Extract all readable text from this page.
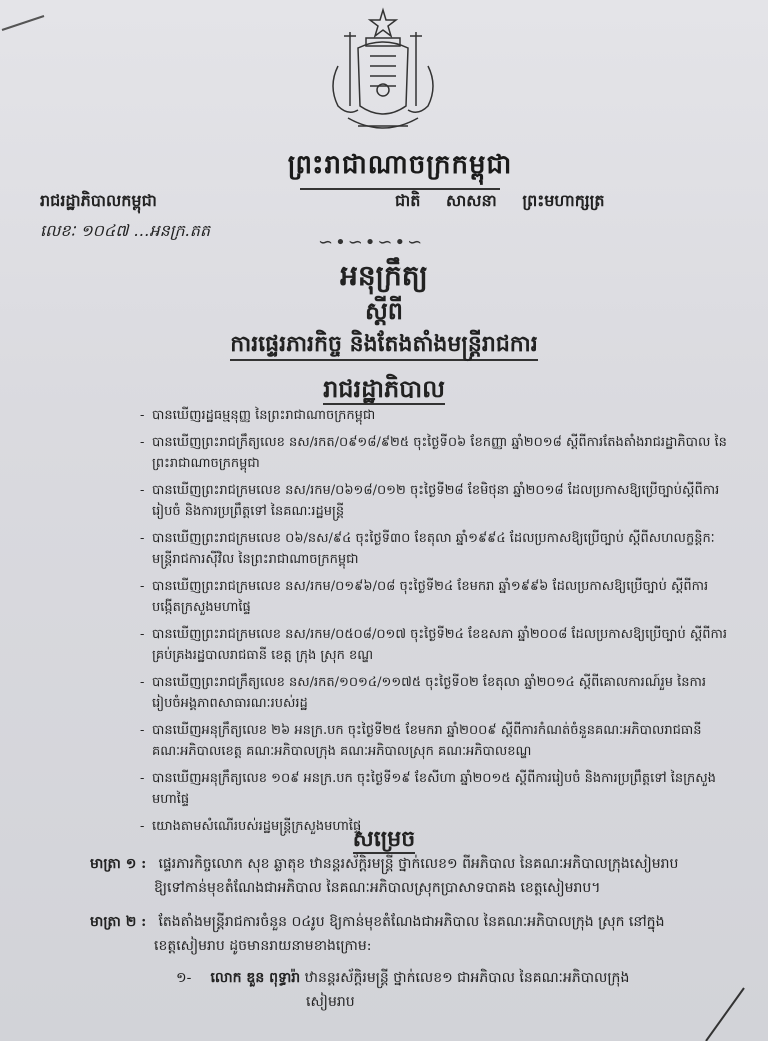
ព្រះរាជាណាចក្រកម្ពុជា
រាជរដ្ឋាភិបាលកម្ពុជា	ជាតិ សាសនា ព្រះមហាក្សត្រ
លេខៈ ១០៤៧ …អនក្រ.តត
∽•∽•∽•∽
អនុក្រឹត្យ
ស្តីពី
ការផ្ទេរភារកិច្ច និងតែងតាំងមន្ត្រីរាជការ
រាជរដ្ឋាភិបាល
- បានឃើញរដ្ឋធម្មនុញ្ញ នៃព្រះរាជាណាចក្រកម្ពុជា
- បានឃើញព្រះរាជក្រឹត្យលេខ នស/រកត/០៩១៨/៩២៥ ចុះថ្ងៃទី០៦ ខែកញ្ញា ឆ្នាំ២០១៨ ស្តីពីការតែងតាំងរាជរដ្ឋាភិបាល នៃព្រះរាជាណាចក្រកម្ពុជា
- បានឃើញព្រះរាជក្រមលេខ នស/រកម/០៦១៨/០១២ ចុះថ្ងៃទី២៨ ខែមិថុនា ឆ្នាំ២០១៨ ដែលប្រកាសឱ្យប្រើច្បាប់ស្តីពីការរៀបចំ និងការប្រព្រឹត្តទៅ នៃគណៈរដ្ឋមន្ត្រី
- បានឃើញព្រះរាជក្រមលេខ ០៦/នស/៩៤ ចុះថ្ងៃទី៣០ ខែតុលា ឆ្នាំ១៩៩៤ ដែលប្រកាសឱ្យប្រើច្បាប់ ស្តីពីសហលក្ខន្តិកៈមន្ត្រីរាជការស៊ីវិល នៃព្រះរាជាណាចក្រកម្ពុជា
- បានឃើញព្រះរាជក្រមលេខ នស/រកម/០១៩៦/០៨ ចុះថ្ងៃទី២៤ ខែមករា ឆ្នាំ១៩៩៦ ដែលប្រកាសឱ្យប្រើច្បាប់ ស្តីពីការបង្កើតក្រសួងមហាផ្ទៃ
- បានឃើញព្រះរាជក្រមលេខ នស/រកម/០៥០៨/០១៧ ចុះថ្ងៃទី២៤ ខែឧសភា ឆ្នាំ២០០៨ ដែលប្រកាសឱ្យប្រើច្បាប់ ស្តីពីការគ្រប់គ្រងរដ្ឋបាលរាជធានី ខេត្ត ក្រុង ស្រុក ខណ្ឌ
- បានឃើញព្រះរាជក្រឹត្យលេខ នស/រកត/១០១៤/១១៧៥ ចុះថ្ងៃទី០២ ខែតុលា ឆ្នាំ២០១៤ ស្តីពីគោលការណ៍រួម នៃការរៀបចំអង្គភាពសាធារណៈរបស់រដ្ឋ
- បានឃើញអនុក្រឹត្យលេខ ២៦ អនក្រ.បក ចុះថ្ងៃទី២៥ ខែមករា ឆ្នាំ២០០៩ ស្តីពីការកំណត់ចំនួនគណៈអភិបាលរាជធានី គណៈអភិបាលខេត្ត គណៈអភិបាលក្រុង គណៈអភិបាលស្រុក គណៈអភិបាលខណ្ឌ
- បានឃើញអនុក្រឹត្យលេខ ១០៩ អនក្រ.បក ចុះថ្ងៃទី១៩ ខែសីហា ឆ្នាំ២០១៥ ស្តីពីការរៀបចំ និងការប្រព្រឹត្តទៅ នៃក្រសួងមហាផ្ទៃ
- យោងតាមសំណើរបស់រដ្ឋមន្ត្រីក្រសួងមហាផ្ទៃ
សម្រេច
មាត្រា ១ : ផ្ទេរភារកិច្ចលោក សុខ ឆ្លាតុខ ឋានន្តរស័ក្តិរមន្ត្រី ថ្នាក់លេខ១ ពីអភិបាល នៃគណៈអភិបាលក្រុងសៀមរាប
ឱ្យទៅកាន់មុខតំណែងជាអភិបាល នៃគណៈអភិបាលស្រុកប្រាសាទបាគង ខេត្តសៀមរាប។
មាត្រា ២ : តែងតាំងមន្ត្រីរាជការចំនួន ០៤រូប ឱ្យកាន់មុខតំណែងជាអភិបាល នៃគណៈអភិបាលក្រុង ស្រុក នៅក្នុង
ខេត្តសៀមរាប ដូចមានរាយនាមខាងក្រោម:
១- លោក ឌួន ពុទ្ធារ៉ា ឋានន្តរស័ក្តិរមន្ត្រី ថ្នាក់លេខ១ ជាអភិបាល នៃគណៈអភិបាលក្រុង
សៀមរាប
